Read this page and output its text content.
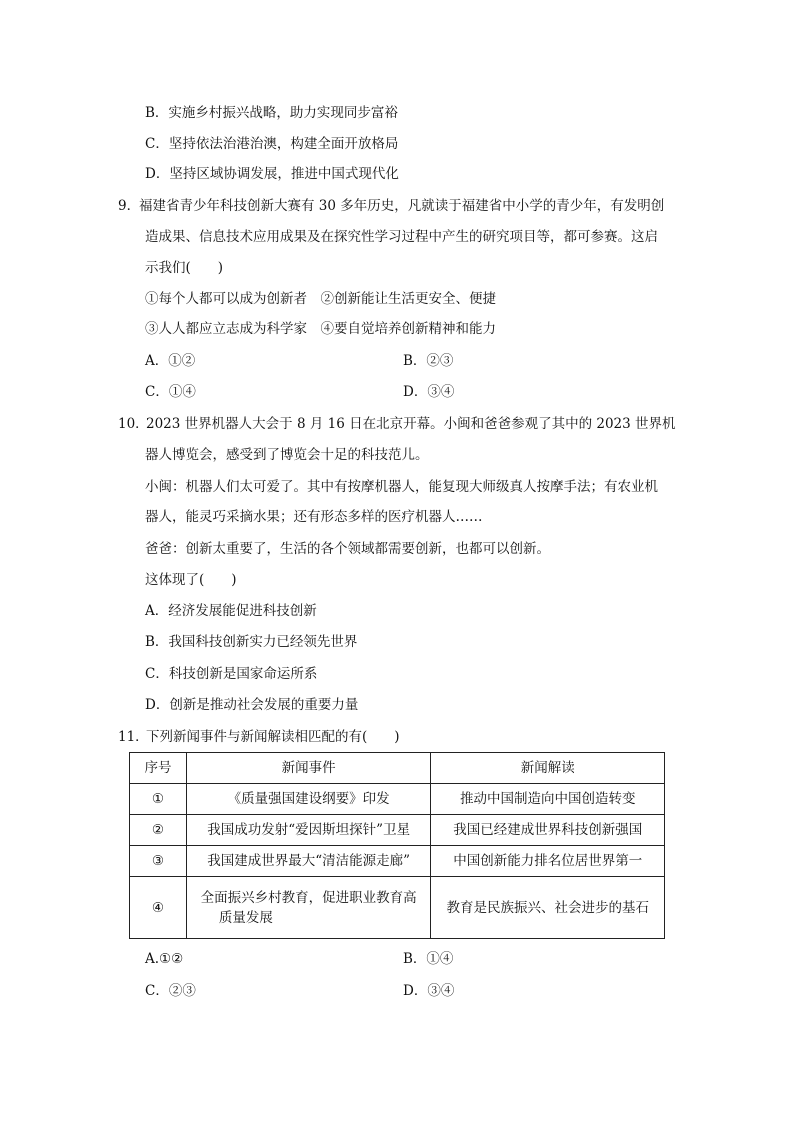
B．实施乡村振兴战略，助力实现同步富裕
C．坚持依法治港治澳，构建全面开放格局
D．坚持区域协调发展，推进中国式现代化
9．
福建省青少年科技创新大赛有 30 多年历史，凡就读于福建省中小学的青少年，有发明创
造成果、信息技术应用成果及在探究性学习过程中产生的研究项目等，都可参赛。这启
示我们(　　)
①每个人都可以成为创新者　②创新能让生活更安全、便捷
③人人都应立志成为科学家　④要自觉培养创新精神和能力
A．①②	B．②③
C．①④	D．③④
10．
2023 世界机器人大会于 8 月 16 日在北京开幕。小闽和爸爸参观了其中的 2023 世界机
器人博览会，感受到了博览会十足的科技范儿。
小闽：机器人们太可爱了。其中有按摩机器人，能复现大师级真人按摩手法；有农业机
器人，能灵巧采摘水果；还有形态多样的医疗机器人……
爸爸：创新太重要了，生活的各个领域都需要创新，也都可以创新。
这体现了(　　)
A．经济发展能促进科技创新
B．我国科技创新实力已经领先世界
C．科技创新是国家命运所系
D．创新是推动社会发展的重要力量
11．
下列新闻事件与新闻解读相匹配的有(　　)
序号	新闻事件	新闻解读
①	《质量强国建设纲要》印发	推动中国制造向中国创造转变
②	我国成功发射“爱因斯坦探针”卫星	我国已经建成世界科技创新强国
③	我国建成世界最大“清洁能源走廊”	中国创新能力排名位居世界第一
④	全面振兴乡村教育，促进职业教育高
质量发展	教育是民族振兴、社会进步的基石
A.①②	B．①④
C．②③	D．③④
